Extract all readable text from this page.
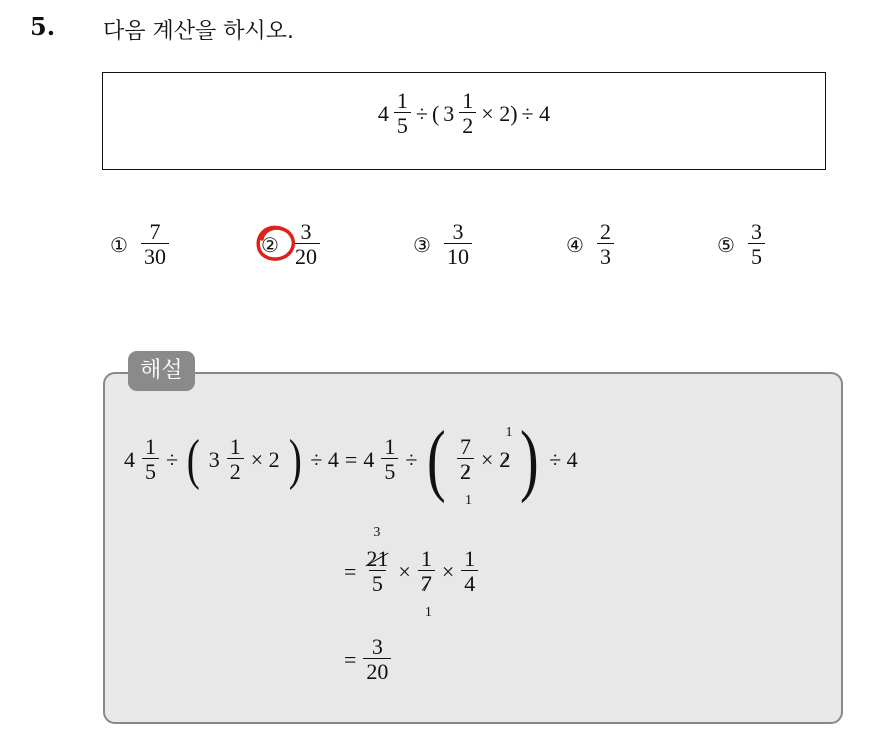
5. 다음 계산을 하시오.
$4 \frac{1}{5}$ ÷ ( $3 \frac{1}{2} \times 2) \div 4$
① $\frac{7}{30}$	② $\frac{3}{20}$	③ $\frac{3}{10}$	④ $\frac{2}{3}$	⑤ $\frac{3}{5}$
해설
$4 \frac{1}{5}$ ÷ ( $3 \frac{1}{2} \times 2$ ) ÷ $4 = 4 \frac{1}{5}$ ÷ ( 7
2
1
×
1
2 ) ÷ 4
=
3
21
5 ×
1
7
1
× $\frac{1}{4}$
= $\frac{3}{20}$
